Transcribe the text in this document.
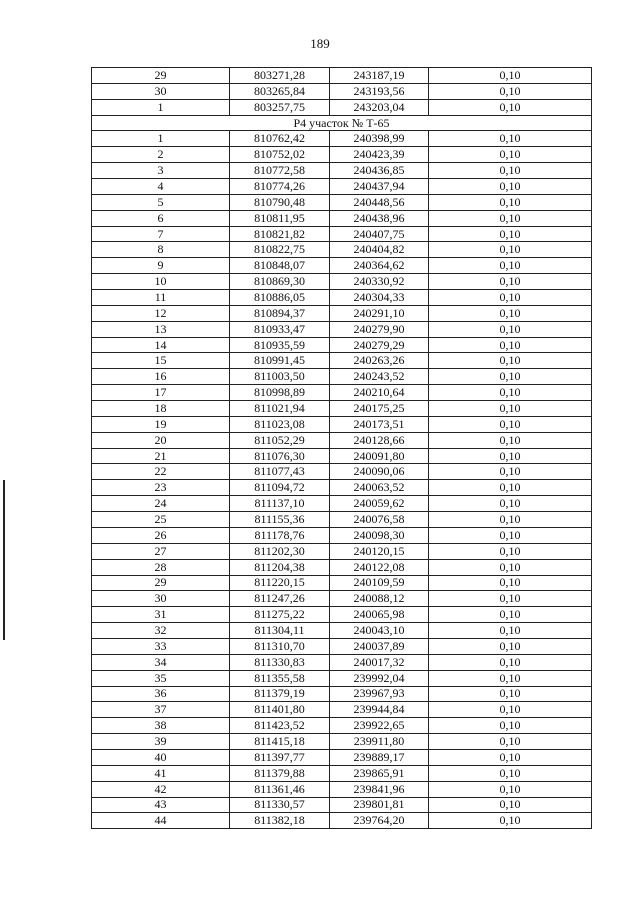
189
29	803271,28	243187,19	0,10
30	803265,84	243193,56	0,10
1	803257,75	243203,04	0,10
Р4 участок № Т-65			
1	810762,42	240398,99	0,10
2	810752,02	240423,39	0,10
3	810772,58	240436,85	0,10
4	810774,26	240437,94	0,10
5	810790,48	240448,56	0,10
6	810811,95	240438,96	0,10
7	810821,82	240407,75	0,10
8	810822,75	240404,82	0,10
9	810848,07	240364,62	0,10
10	810869,30	240330,92	0,10
11	810886,05	240304,33	0,10
12	810894,37	240291,10	0,10
13	810933,47	240279,90	0,10
14	810935,59	240279,29	0,10
15	810991,45	240263,26	0,10
16	811003,50	240243,52	0,10
17	810998,89	240210,64	0,10
18	811021,94	240175,25	0,10
19	811023,08	240173,51	0,10
20	811052,29	240128,66	0,10
21	811076,30	240091,80	0,10
22	811077,43	240090,06	0,10
23	811094,72	240063,52	0,10
24	811137,10	240059,62	0,10
25	811155,36	240076,58	0,10
26	811178,76	240098,30	0,10
27	811202,30	240120,15	0,10
28	811204,38	240122,08	0,10
29	811220,15	240109,59	0,10
30	811247,26	240088,12	0,10
31	811275,22	240065,98	0,10
32	811304,11	240043,10	0,10
33	811310,70	240037,89	0,10
34	811330,83	240017,32	0,10
35	811355,58	239992,04	0,10
36	811379,19	239967,93	0,10
37	811401,80	239944,84	0,10
38	811423,52	239922,65	0,10
39	811415,18	239911,80	0,10
40	811397,77	239889,17	0,10
41	811379,88	239865,91	0,10
42	811361,46	239841,96	0,10
43	811330,57	239801,81	0,10
44	811382,18	239764,20	0,10
